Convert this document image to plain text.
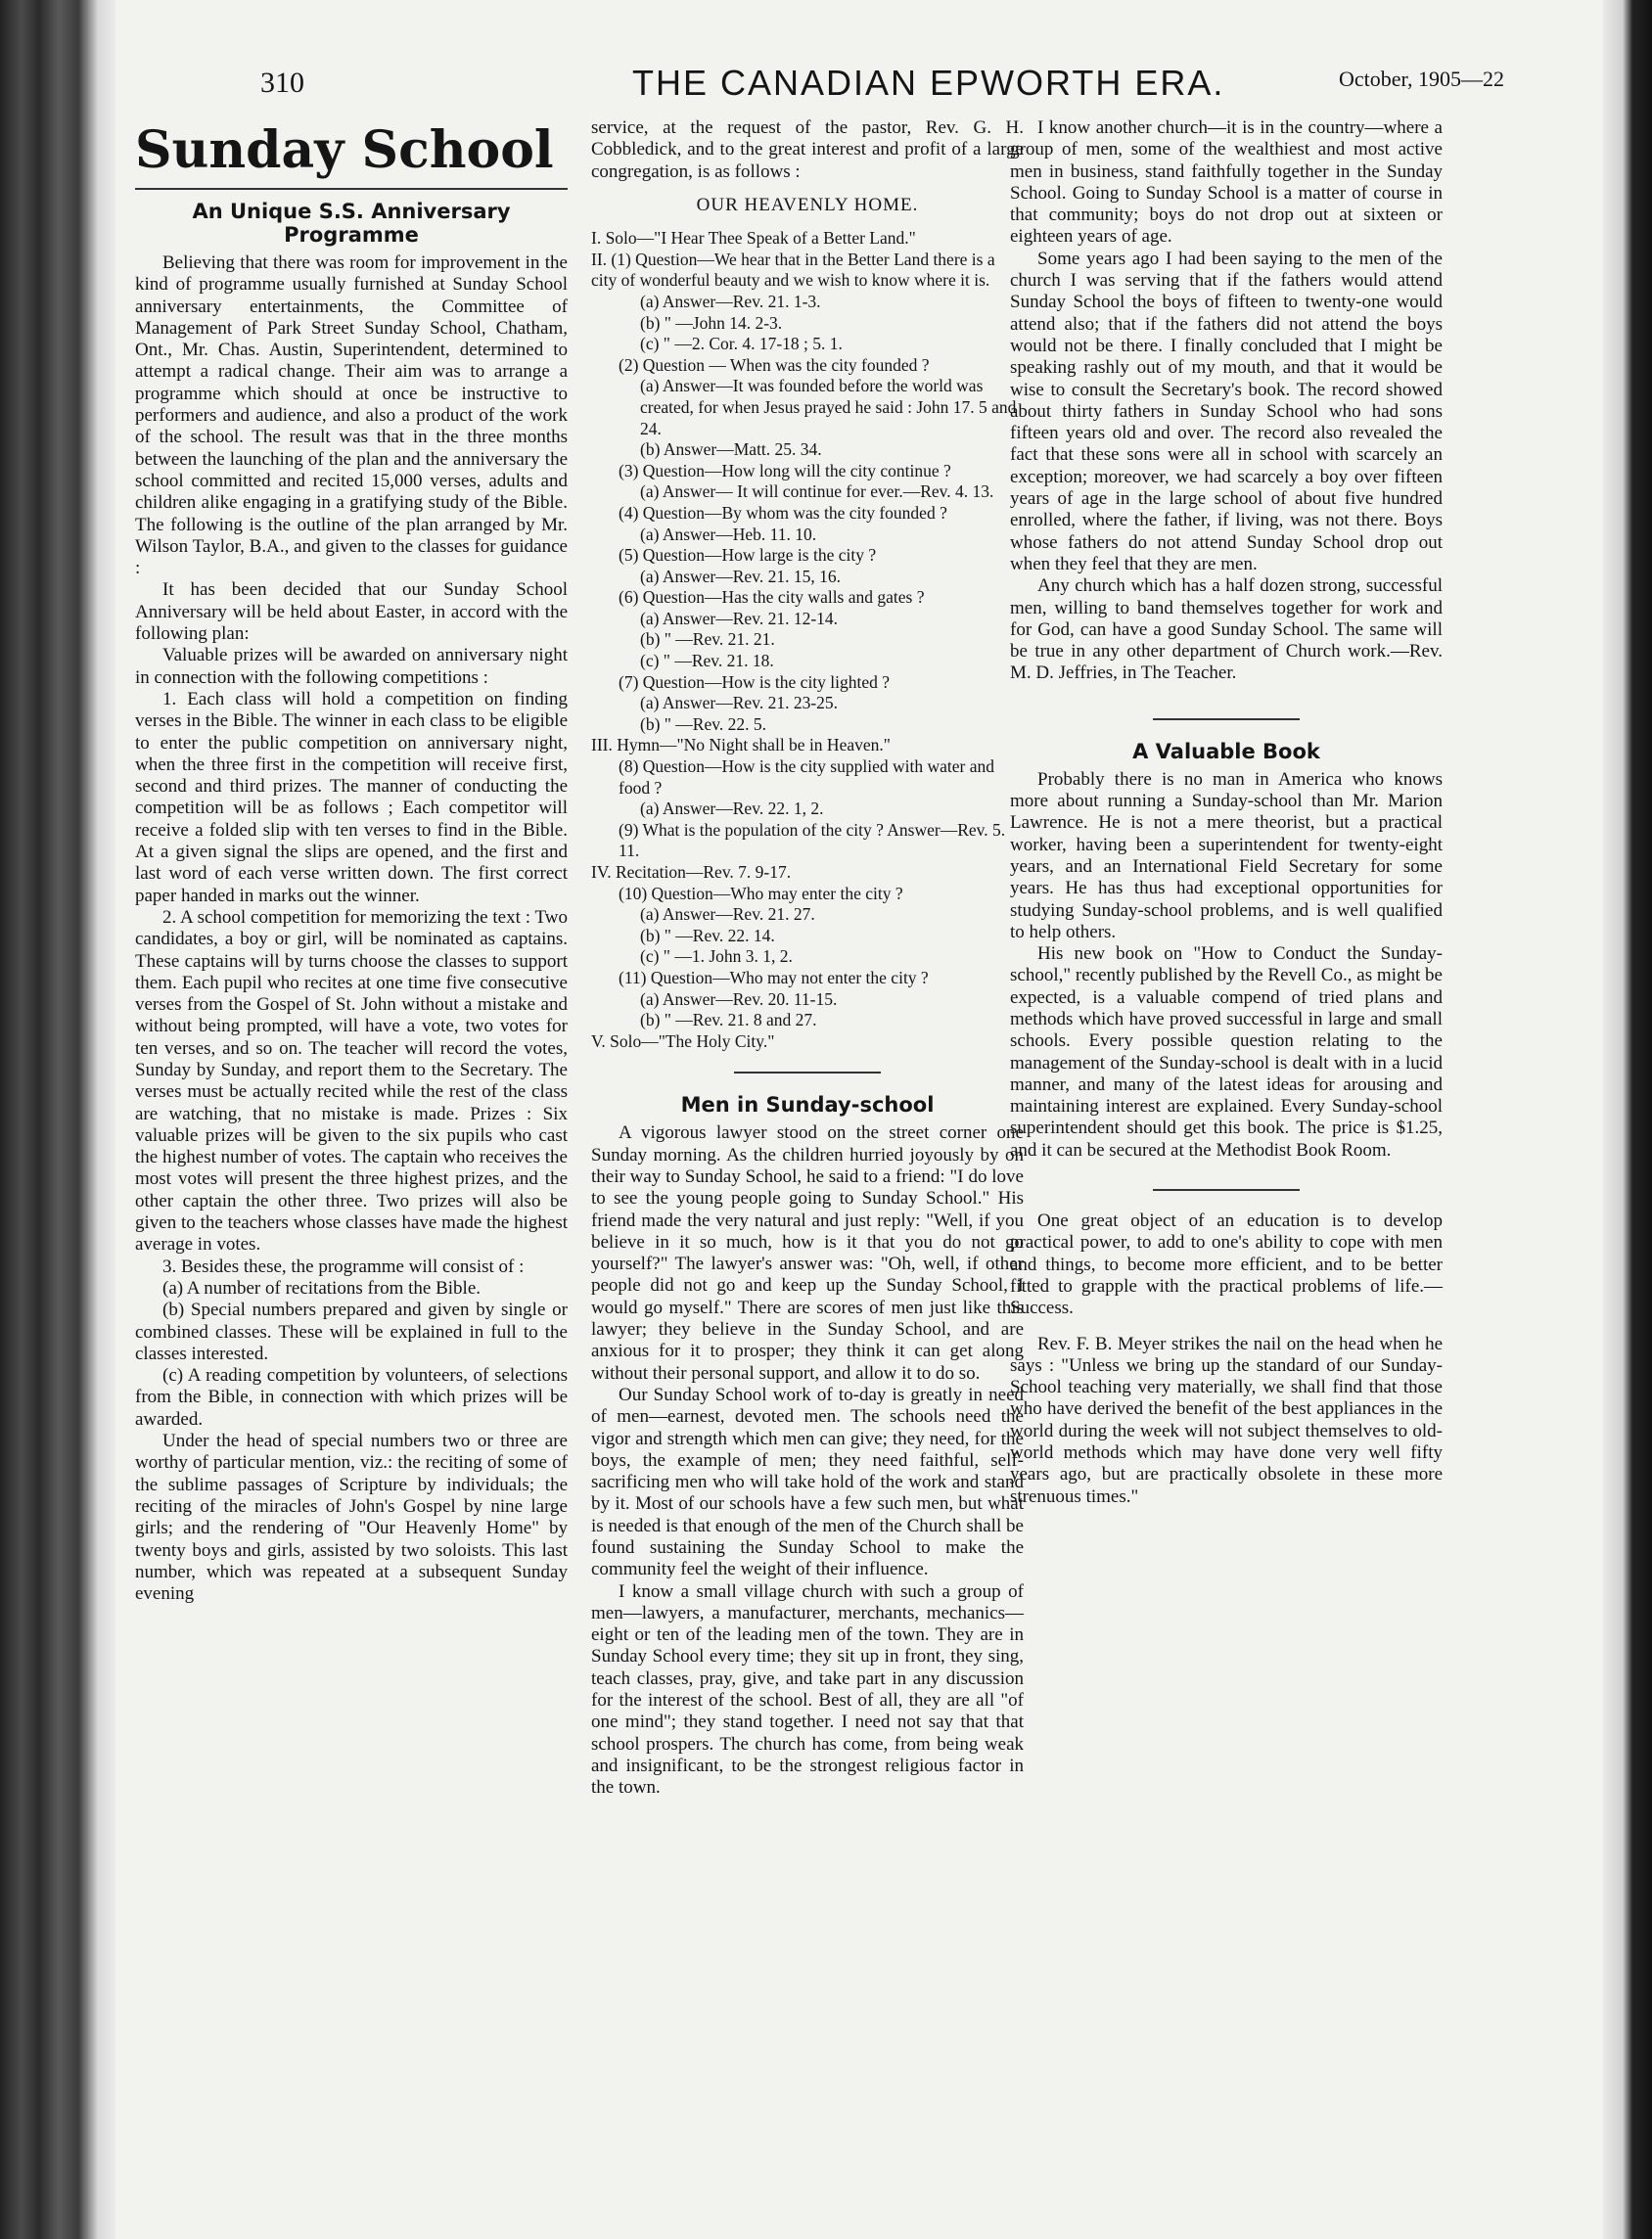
310	THE CANADIAN EPWORTH ERA.	October, 1905—22
Sunday School
An Unique S.S. Anniversary Programme

Believing that there was room for improvement in the kind of programme usually furnished at Sunday School anniversary entertainments, the Committee of Management of Park Street Sunday School, Chatham, Ont., Mr. Chas. Austin, Superintendent, determined to attempt a radical change. Their aim was to arrange a programme which should at once be instructive to performers and audience, and also a product of the work of the school. The result was that in the three months between the launching of the plan and the anniversary the school committed and recited 15,000 verses, adults and children alike engaging in a gratifying study of the Bible. The following is the outline of the plan arranged by Mr. Wilson Taylor, B.A., and given to the classes for guidance :

It has been decided that our Sunday School Anniversary will be held about Easter, in accord with the following plan:

Valuable prizes will be awarded on anniversary night in connection with the following competitions :

1. Each class will hold a competition on finding verses in the Bible. The winner in each class to be eligible to enter the public competition on anniversary night, when the three first in the competition will receive first, second and third prizes. The manner of conducting the competition will be as follows ; Each competitor will receive a folded slip with ten verses to find in the Bible. At a given signal the slips are opened, and the first and last word of each verse written down. The first correct paper handed in marks out the winner.

2. A school competition for memorizing the text : Two candidates, a boy or girl, will be nominated as captains. These captains will by turns choose the classes to support them. Each pupil who recites at one time five consecutive verses from the Gospel of St. John without a mistake and without being prompted, will have a vote, two votes for ten verses, and so on. The teacher will record the votes, Sunday by Sunday, and report them to the Secretary. The verses must be actually recited while the rest of the class are watching, that no mistake is made. Prizes : Six valuable prizes will be given to the six pupils who cast the highest number of votes. The captain who receives the most votes will present the three highest prizes, and the other captain the other three. Two prizes will also be given to the teachers whose classes have made the highest average in votes.

3. Besides these, the programme will consist of :

(a) A number of recitations from the Bible.

(b) Special numbers prepared and given by single or combined classes. These will be explained in full to the classes interested.

(c) A reading competition by volunteers, of selections from the Bible, in connection with which prizes will be awarded.

Under the head of special numbers two or three are worthy of particular mention, viz.: the reciting of some of the sublime passages of Scripture by individuals; the reciting of the miracles of John's Gospel by nine large girls; and the rendering of "Our Heavenly Home" by twenty boys and girls, assisted by two soloists. This last number, which was repeated at a subsequent Sunday evening

service, at the request of the pastor, Rev. G. H. Cobbledick, and to the great interest and profit of a large congregation, is as follows :

OUR HEAVENLY HOME.
I. Solo—"I Hear Thee Speak of a Better Land."
II. (1) Question—We hear that in the Better Land there is a city of wonderful beauty and we wish to know where it is.
(a) Answer—Rev. 21. 1-3.
(b) " —John 14. 2-3.
(c) " —2. Cor. 4. 17-18 ; 5. 1.
(2) Question — When was the city founded ?
(a) Answer—It was founded before the world was created, for when Jesus prayed he said : John 17. 5 and 24.
(b) Answer—Matt. 25. 34.
(3) Question—How long will the city continue ?
(a) Answer— It will continue for ever.—Rev. 4. 13.
(4) Question—By whom was the city founded ?
(a) Answer—Heb. 11. 10.
(5) Question—How large is the city ?
(a) Answer—Rev. 21. 15, 16.
(6) Question—Has the city walls and gates ?
(a) Answer—Rev. 21. 12-14.
(b) " —Rev. 21. 21.
(c) " —Rev. 21. 18.
(7) Question—How is the city lighted ?
(a) Answer—Rev. 21. 23-25.
(b) " —Rev. 22. 5.
III. Hymn—"No Night shall be in Heaven."
(8) Question—How is the city supplied with water and food ?
(a) Answer—Rev. 22. 1, 2.
(9) What is the population of the city ? Answer—Rev. 5. 11.
IV. Recitation—Rev. 7. 9-17.
(10) Question—Who may enter the city ?
(a) Answer—Rev. 21. 27.
(b) " —Rev. 22. 14.
(c) " —1. John 3. 1, 2.
(11) Question—Who may not enter the city ?
(a) Answer—Rev. 20. 11-15.
(b) " —Rev. 21. 8 and 27.
V. Solo—"The Holy City."
Men in Sunday-school

A vigorous lawyer stood on the street corner one Sunday morning. As the children hurried joyously by on their way to Sunday School, he said to a friend: "I do love to see the young people going to Sunday School." His friend made the very natural and just reply: "Well, if you believe in it so much, how is it that you do not go yourself?" The lawyer's answer was: "Oh, well, if other people did not go and keep up the Sunday School, I would go myself." There are scores of men just like this lawyer; they believe in the Sunday School, and are anxious for it to prosper; they think it can get along without their personal support, and allow it to do so.

Our Sunday School work of to-day is greatly in need of men—earnest, devoted men. The schools need the vigor and strength which men can give; they need, for the boys, the example of men; they need faithful, self-sacrificing men who will take hold of the work and stand by it. Most of our schools have a few such men, but what is needed is that enough of the men of the Church shall be found sustaining the Sunday School to make the community feel the weight of their influence.

I know a small village church with such a group of men—lawyers, a manufacturer, merchants, mechanics—eight or ten of the leading men of the town. They are in Sunday School every time; they sit up in front, they sing, teach classes, pray, give, and take part in any discussion for the interest of the school. Best of all, they are all "of one mind"; they stand together. I need not say that that school prospers. The church has come, from being weak and insignificant, to be the strongest religious factor in the town.

I know another church—it is in the country—where a group of men, some of the wealthiest and most active men in business, stand faithfully together in the Sunday School. Going to Sunday School is a matter of course in that community; boys do not drop out at sixteen or eighteen years of age.

Some years ago I had been saying to the men of the church I was serving that if the fathers would attend Sunday School the boys of fifteen to twenty-one would attend also; that if the fathers did not attend the boys would not be there. I finally concluded that I might be speaking rashly out of my mouth, and that it would be wise to consult the Secretary's book. The record showed about thirty fathers in Sunday School who had sons fifteen years old and over. The record also revealed the fact that these sons were all in school with scarcely an exception; moreover, we had scarcely a boy over fifteen years of age in the large school of about five hundred enrolled, where the father, if living, was not there. Boys whose fathers do not attend Sunday School drop out when they feel that they are men.

Any church which has a half dozen strong, successful men, willing to band themselves together for work and for God, can have a good Sunday School. The same will be true in any other department of Church work.—Rev. M. D. Jeffries, in The Teacher.

A Valuable Book

Probably there is no man in America who knows more about running a Sunday-school than Mr. Marion Lawrence. He is not a mere theorist, but a practical worker, having been a superintendent for twenty-eight years, and an International Field Secretary for some years. He has thus had exceptional opportunities for studying Sunday-school problems, and is well qualified to help others.

His new book on "How to Conduct the Sunday-school," recently published by the Revell Co., as might be expected, is a valuable compend of tried plans and methods which have proved successful in large and small schools. Every possible question relating to the management of the Sunday-school is dealt with in a lucid manner, and many of the latest ideas for arousing and maintaining interest are explained. Every Sunday-school superintendent should get this book. The price is $1.25, and it can be secured at the Methodist Book Room.

One great object of an education is to develop practical power, to add to one's ability to cope with men and things, to become more efficient, and to be better fitted to grapple with the practical problems of life.—Success.

Rev. F. B. Meyer strikes the nail on the head when he says : "Unless we bring up the standard of our Sunday-School teaching very materially, we shall find that those who have derived the benefit of the best appliances in the world during the week will not subject themselves to old-world methods which may have done very well fifty years ago, but are practically obsolete in these more strenuous times."
